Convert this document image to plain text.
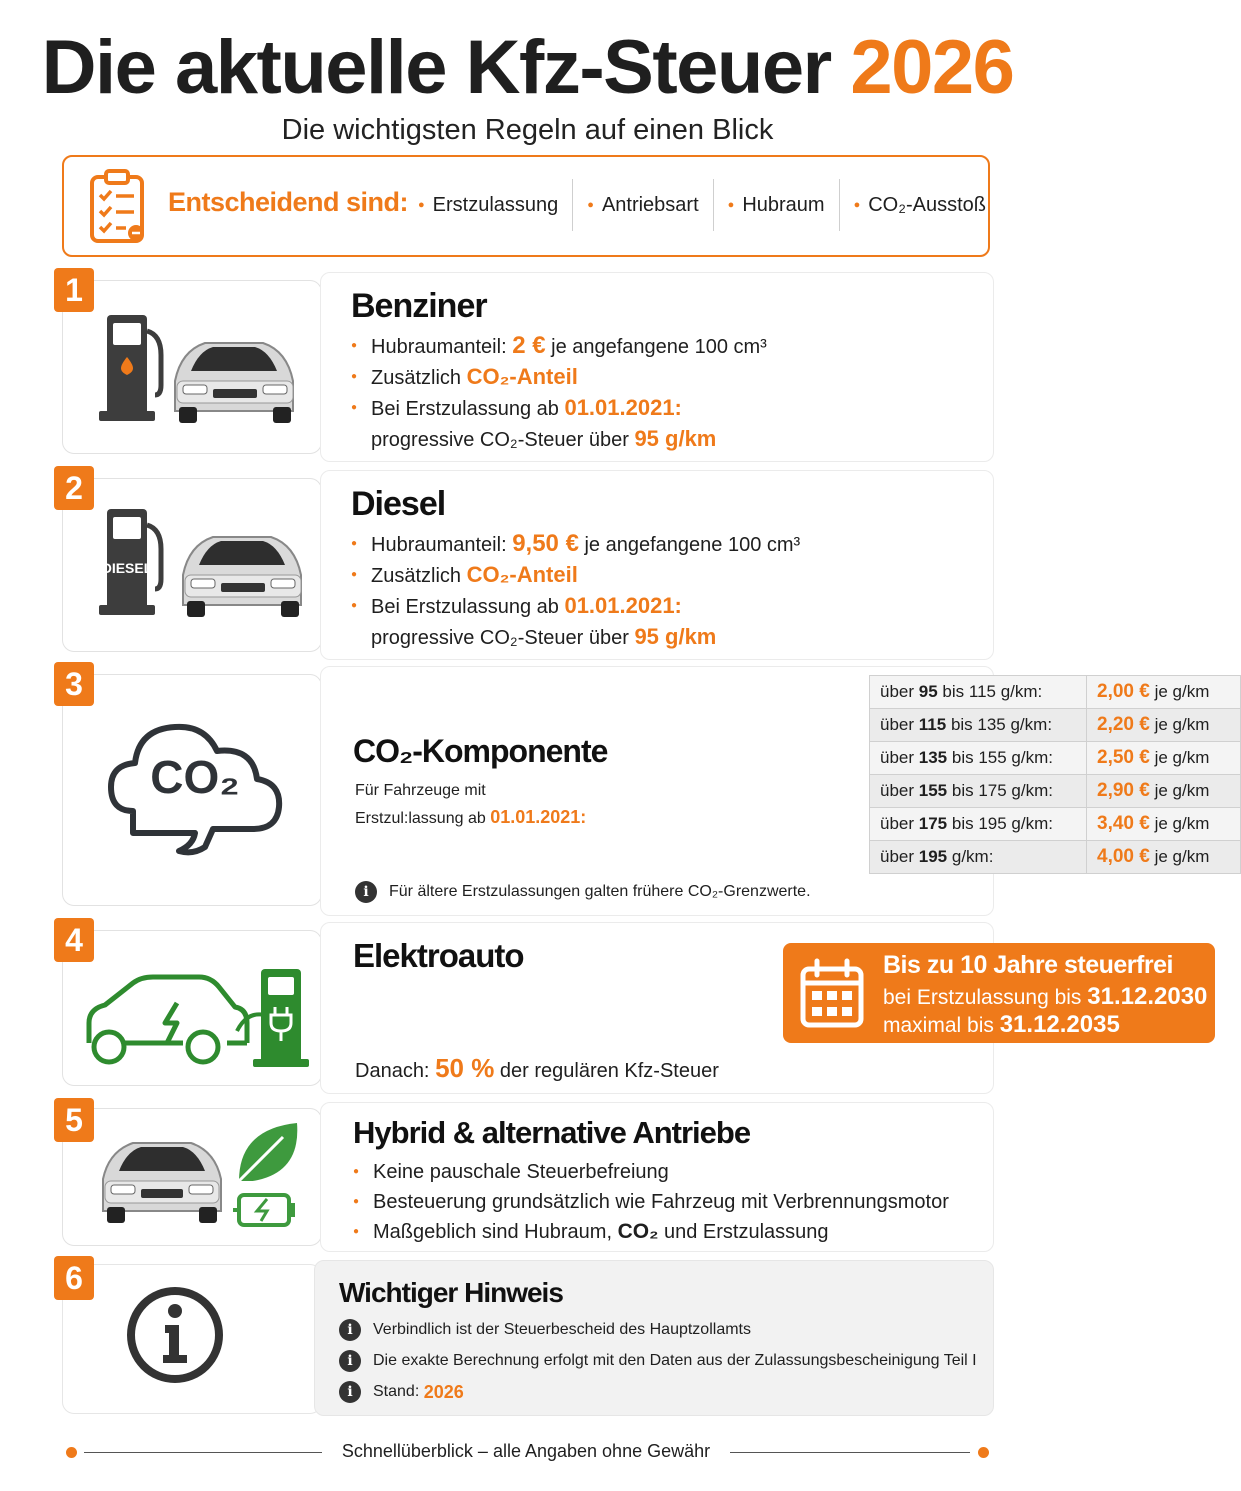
Die aktuelle Kfz-Steuer 2026
Die wichtigsten Regeln auf einen Blick
Entscheidend sind:	● Erstzulassung	● Antriebsart	● Hubraum	● CO₂-Ausstoß
1	Benziner
● Hubraumanteil: 2 € je angefangene 100 cm³
● Zusätzlich CO₂-Anteil
● Bei Erstzulassung ab 01.01.2021:
progressive CO₂-Steuer über 95 g/km
2
DIESEL
Diesel
● Hubraumanteil: 9,50 € je angefangene 100 cm³
● Zusätzlich CO₂-Anteil
● Bei Erstzulassung ab 01.01.2021:
progressive CO₂-Steuer über 95 g/km
3
CO₂	CO₂-Komponente
Für Fahrzeuge mit
Erstzul:lassung ab 01.01.2021:
über 95 bis 115 g/km:	2,00 € je g/km
über 115 bis 135 g/km:	2,20 € je g/km
über 135 bis 155 g/km:	2,50 € je g/km
über 155 bis 175 g/km:	2,90 € je g/km
über 175 bis 195 g/km:	3,40 € je g/km
über 195 g/km:	4,00 € je g/km
i	Für ältere Erstzulassungen galten frühere CO₂-Grenzwerte.
4	Elektroauto	Bis zu 10 Jahre steuerfrei
bei Erstzulassung bis 31.12.2030
maximal bis 31.12.2035
Danach: 50 % der regulären Kfz-Steuer
5	Hybrid & alternative Antriebe
● Keine pauschale Steuerbefreiung
● Besteuerung grundsätzlich wie Fahrzeug mit Verbrennungsmotor
● Maßgeblich sind Hubraum, CO₂ und Erstzulassung
6	Wichtiger Hinweis
i	Verbindlich ist der Steuerbescheid des Hauptzollamts
i	Die exakte Berechnung erfolgt mit den Daten aus der Zulassungsbescheinigung Teil I
i	Stand:
2026
Schnellüberblick – alle Angaben ohne Gewähr
